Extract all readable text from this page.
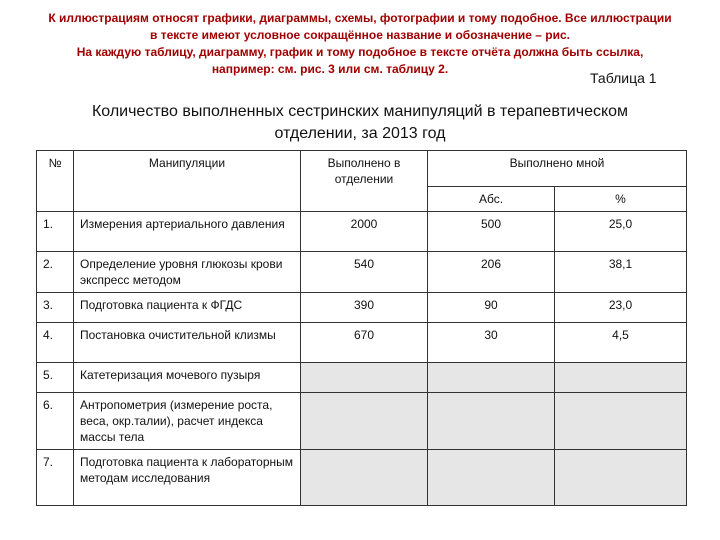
К иллюстрациям относят графики, диаграммы, схемы, фотографии и тому подобное. Все иллюстрации
в тексте имеют условное сокращённое название и обозначение – рис.
На каждую таблицу, диаграмму, график и тому подобное в тексте отчёта должна быть ссылка,
например: см. рис. 3 или см. таблицу 2.
Таблица 1
Количество выполненных сестринских манипуляций в терапевтическом отделении, за 2013 год
№	Манипуляции	Выполнено в отделении	Выполнено мной	
			Абс.	%
1.	Измерения артериального давления	2000	500	25,0
2.	Определение уровня глюкозы крови экспресс методом	540	206	38,1
3.	Подготовка пациента к ФГДС	390	90	23,0
4.	Постановка очистительной клизмы	670	30	4,5
5.	Катетеризация мочевого пузыря			
6.	Антропометрия (измерение роста, веса, окр.талии), расчет индекса массы тела			
7.	Подготовка пациента к лабораторным методам исследования			
